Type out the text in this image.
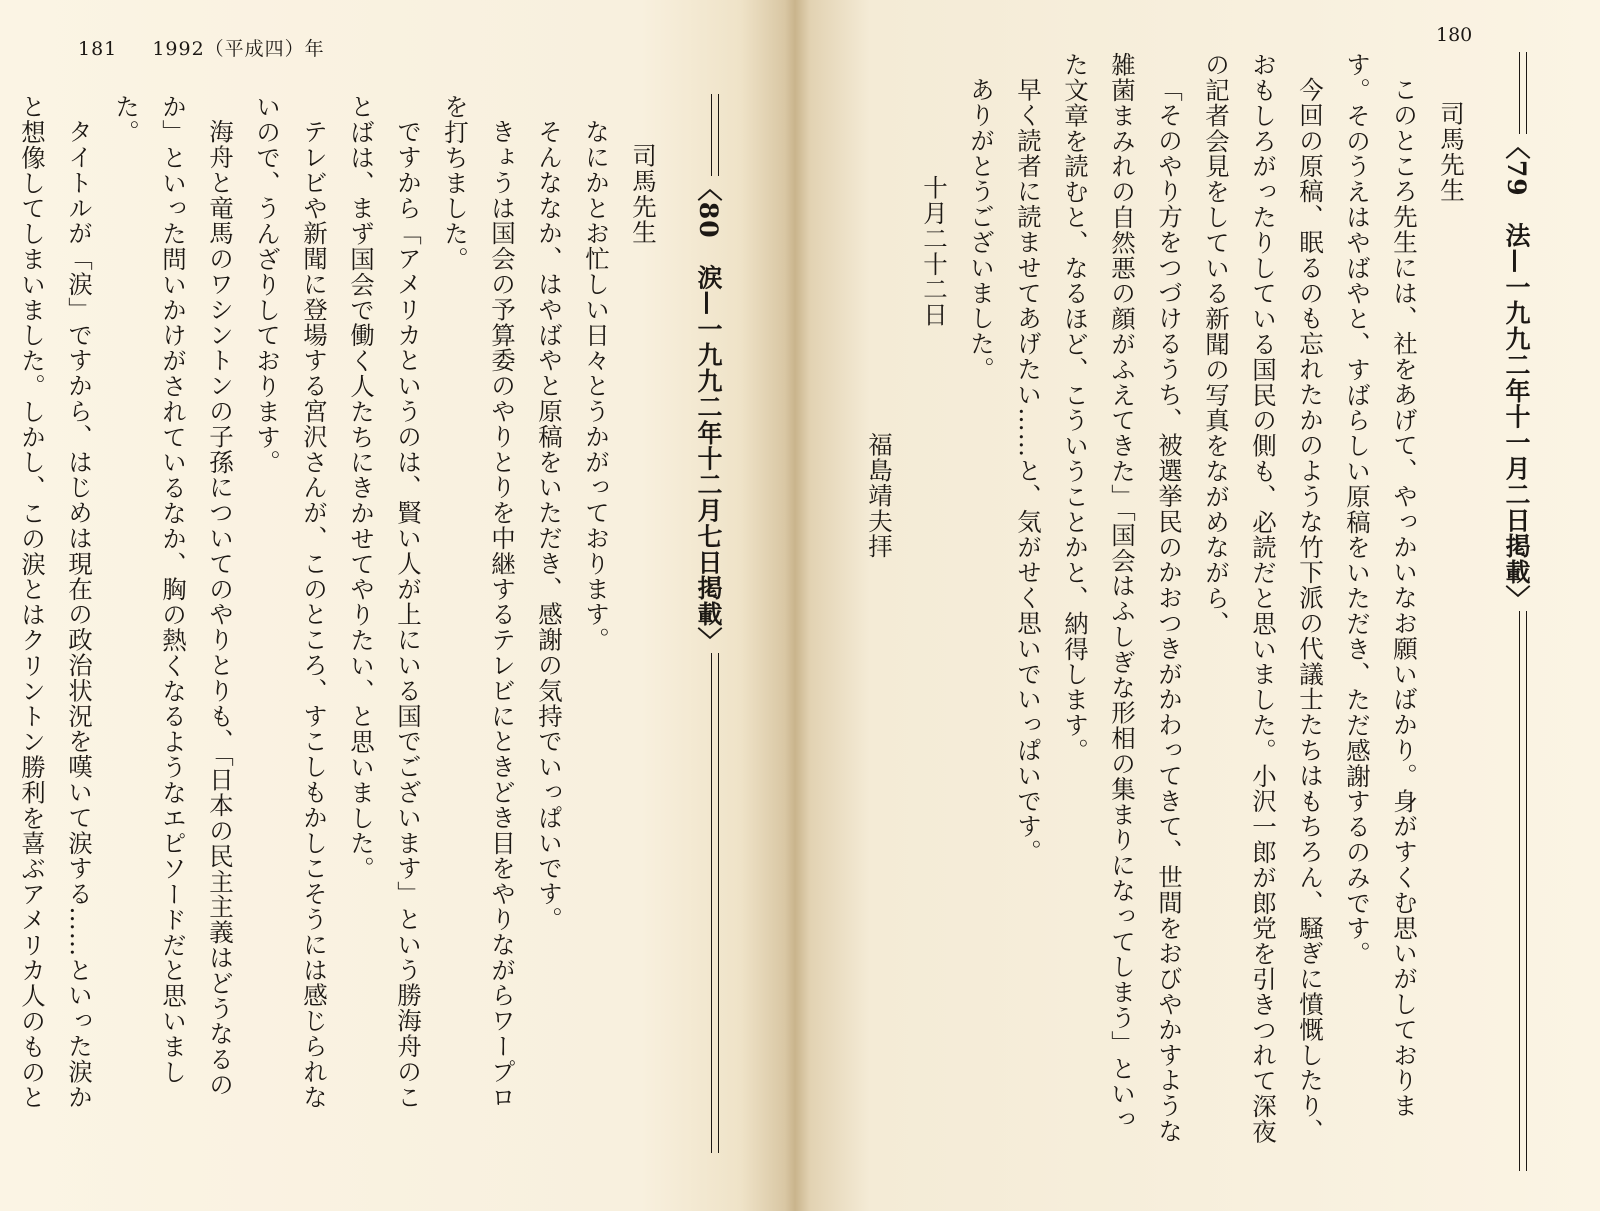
181 1992（平成四）年
〈80　涙—一九九二年十二月七日掲載〉
司馬先生
なにかとお忙しい日々とうかがっております。
そんななか、はやばやと原稿をいただき、感謝の気持でいっぱいです。
きょうは国会の予算委のやりとりを中継するテレビにときどき目をやりながらワープロを打ちました。
ですから「アメリカというのは、賢い人が上にいる国でございます」という勝海舟のことばは、まず国会で働く人たちにきかせてやりたい、と思いました。
テレビや新聞に登場する宮沢さんが、このところ、すこしもかしこそうには感じられないので、うんざりしております。
海舟と竜馬のワシントンの子孫についてのやりとりも、「日本の民主主義はどうなるのか」といった問いかけがされているなか、胸の熱くなるようなエピソードだと思いました。
タイトルが「涙」ですから、はじめは現在の政治状況を嘆いて涙する……といった涙かと想像してしまいました。しかし、この涙とはクリントン勝利を喜ぶアメリカ人のものと
180
〈79　法—一九九二年十一月二日掲載〉
司馬先生
このところ先生には、社をあげて、やっかいなお願いばかり。身がすくむ思いがしております。そのうえはやばやと、すばらしい原稿をいただき、ただ感謝するのみです。
今回の原稿、眠るのも忘れたかのような竹下派の代議士たちはもちろん、騒ぎに憤慨したり、おもしろがったりしている国民の側も、必読だと思いました。小沢一郎が郎党を引きつれて深夜の記者会見をしている新聞の写真をながめながら、
「そのやり方をつづけるうち、被選挙民のかおつきがかわってきて、世間をおびやかすような雑菌まみれの自然悪の顔がふえてきた」「国会はふしぎな形相の集まりになってしまう」といった文章を読むと、なるほど、こういうことかと、納得します。
早く読者に読ませてあげたい……と、気がせく思いでいっぱいです。
ありがとうございました。
十月二十二日
福島靖夫拝
